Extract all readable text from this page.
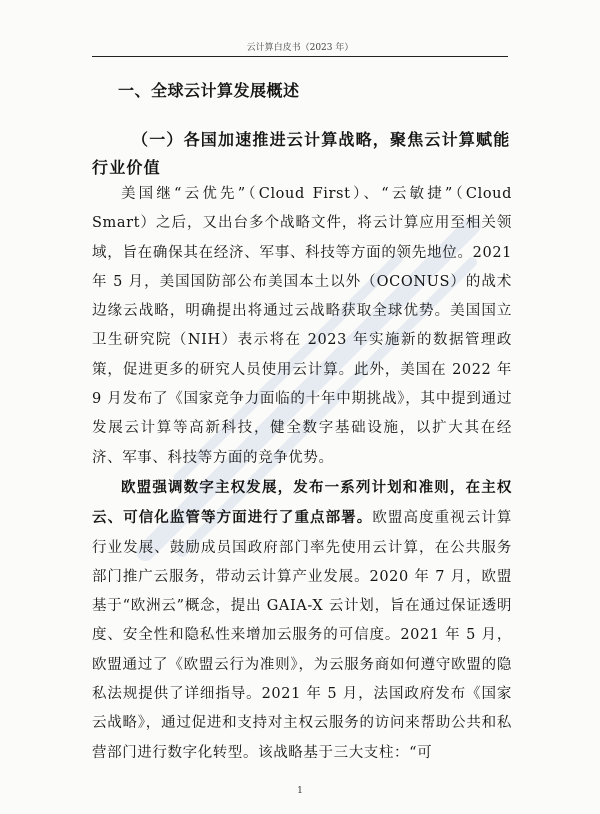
云计算白皮书（2023 年）
一、全球云计算发展概述
（一）各国加速推进云计算战略，聚焦云计算赋能行业价值

美国继“云优先”（Cloud First）、“云敏捷”（Cloud Smart）之后，又出台多个战略文件，将云计算应用至相关领域，旨在确保其在经济、军事、科技等方面的领先地位。2021 年 5 月，美国国防部公布美国本土以外（OCONUS）的战术边缘云战略，明确提出将通过云战略获取全球优势。美国国立卫生研究院（NIH）表示将在 2023 年实施新的数据管理政策，促进更多的研究人员使用云计算。此外，美国在 2022 年 9 月发布了《国家竞争力面临的十年中期挑战》，其中提到通过发展云计算等高新科技，健全数字基础设施，以扩大其在经济、军事、科技等方面的竞争优势。

欧盟强调数字主权发展，发布一系列计划和准则，在主权云、可信化监管等方面进行了重点部署。欧盟高度重视云计算行业发展、鼓励成员国政府部门率先使用云计算，在公共服务部门推广云服务，带动云计算产业发展。2020 年 7 月，欧盟基于“欧洲云”概念，提出 GAIA-X 云计划，旨在通过保证透明度、安全性和隐私性来增加云服务的可信度。2021 年 5 月，欧盟通过了《欧盟云行为准则》，为云服务商如何遵守欧盟的隐私法规提供了详细指导。2021 年 5 月，法国政府发布《国家云战略》，通过促进和支持对主权云服务的访问来帮助公共和私营部门进行数字化转型。该战略基于三大支柱：“可

1
